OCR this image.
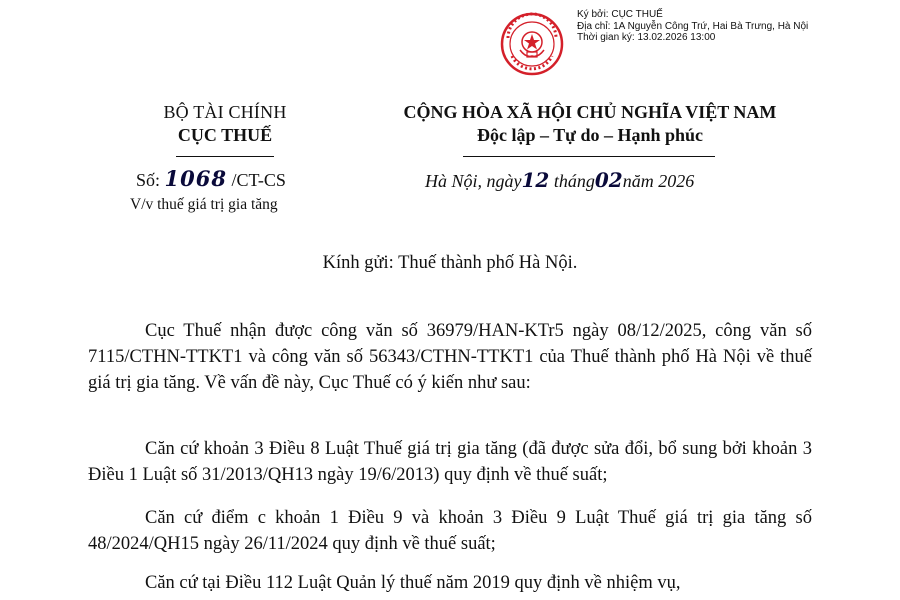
Ký bởi: CỤC THUẾ
Địa chỉ: 1A Nguyễn Công Trứ, Hai Bà Trưng, Hà Nội
Thời gian ký: 13.02.2026 13:00
BỘ TÀI CHÍNH
CỤC THUẾ
Số: 1068 /CT-CS
V/v thuế giá trị gia tăng
CỘNG HÒA XÃ HỘI CHỦ NGHĨA VIỆT NAM
Độc lập – Tự do – Hạnh phúc
Hà Nội, ngày12 tháng02năm 2026
Kính gửi: Thuế thành phố Hà Nội.
Cục Thuế nhận được công văn số 36979/HAN-KTr5 ngày 08/12/2025, công văn số 7115/CTHN-TTKT1 và công văn số 56343/CTHN-TTKT1 của Thuế thành phố Hà Nội về thuế giá trị gia tăng. Về vấn đề này, Cục Thuế có ý kiến như sau:
Căn cứ khoản 3 Điều 8 Luật Thuế giá trị gia tăng (đã được sửa đổi, bổ sung bởi khoản 3 Điều 1 Luật số 31/2013/QH13 ngày 19/6/2013) quy định về thuế suất;
Căn cứ điểm c khoản 1 Điều 9 và khoản 3 Điều 9 Luật Thuế giá trị gia tăng số 48/2024/QH15 ngày 26/11/2024 quy định về thuế suất;
Căn cứ tại Điều 112 Luật Quản lý thuế năm 2019 quy định về nhiệm vụ,
